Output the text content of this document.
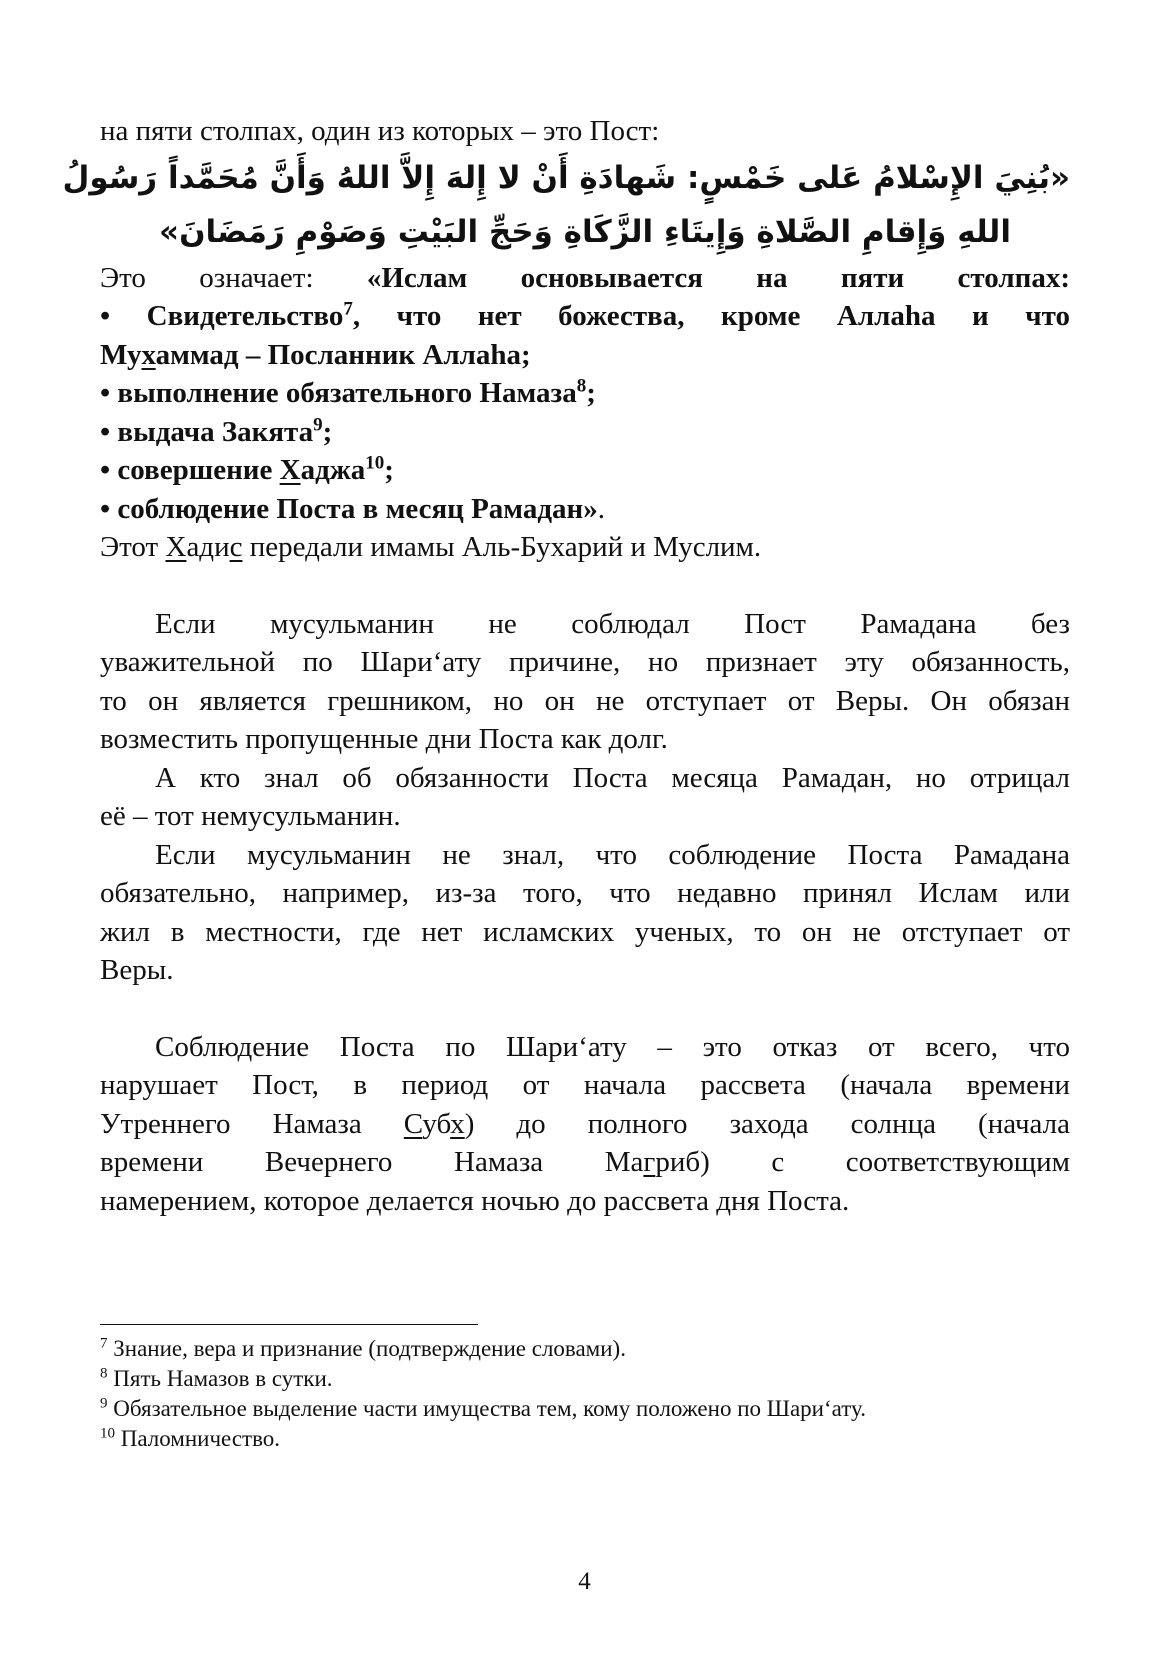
на пяти столпах, один из которых – это Пост:
«بُنِيَ الإِسْلامُ عَلى خَمْسٍ: شَهادَةِ أَنْ لا إِلهَ إِلاَّ اللهُ وَأَنَّ مُحَمَّداً رَسُولُ
اللهِ وَإِقامِ الصَّلاةِ وَإِيتَاءِ الزَّكَاةِ وَحَجِّ البَيْتِ وَصَوْمِ رَمَضَانَ»
Это означает: «Ислам основывается на пяти столпах:
• Свидетельство$^7$, что нет божества, кроме Аллаhа и что
Мухаммад – Посланник Аллаhа;
• выполнение обязательного Намаза$^8$;
• выдача Закята$^9$;
• совершение Хаджа$^{10}$;
• соблюдение Поста в месяц Рамадан».
Этот Хадис передали имамы Аль-Бухарий и Муслим.
Если мусульманин не соблюдал Пост Рамадана без
уважительной по Шари‘ату причине, но признает эту обязанность,
то он является грешником, но он не отступает от Веры. Он обязан
возместить пропущенные дни Поста как долг.
А кто знал об обязанности Поста месяца Рамадан, но отрицал
её – тот немусульманин.
Если мусульманин не знал, что соблюдение Поста Рамадана
обязательно, например, из-за того, что недавно принял Ислам или
жил в местности, где нет исламских ученых, то он не отступает от
Веры.
Соблюдение Поста по Шари‘ату – это отказ от всего, что
нарушает Пост, в период от начала рассвета (начала времени
Утреннего Намаза Субх) до полного захода солнца (начала
времени Вечернего Намаза Магриб) с соответствующим
намерением, которое делается ночью до рассвета дня Поста.
$^7$ Знание, вера и признание (подтверждение словами).
$^8$ Пять Намазов в сутки.
$^9$ Обязательное выделение части имущества тем, кому положено по Шари‘ату.
$^{10}$ Паломничество.
4
